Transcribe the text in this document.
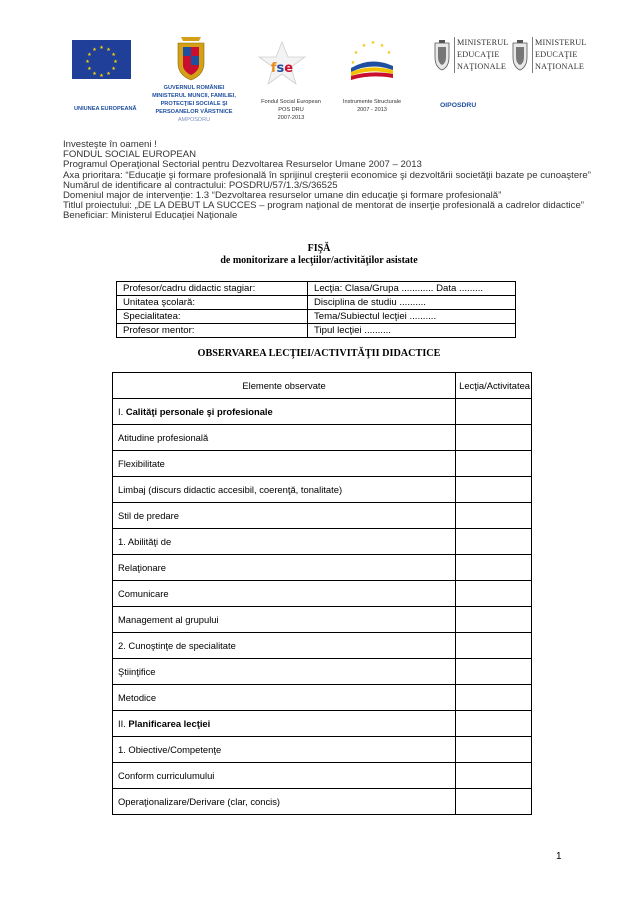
★ ★
★
★
★
★
★
★
★
★
★
★
fse	★
★
★ ★ ★
★
MINISTERUL
EDUCAŢIE
NAŢIONALE
MINISTERUL
EDUCAŢIE
NAŢIONALE
UNIUNEA EUROPEANĂ
GUVERNUL ROMÂNIEI
MINISTERUL MUNCII, FAMILIEI,
PROTECŢIEI SOCIALE ŞI
PERSOANELOR VÂRSTNICE
AMPOSDRU
Fondul Social European
POS DRU
2007-2013
Instrumente Structurale
2007 - 2013
OIPOSDRU
Investeşte în oameni !
FONDUL SOCIAL EUROPEAN
Programul Operaţional Sectorial pentru Dezvoltarea Resurselor Umane 2007 – 2013
Axa prioritara: “Educaţie şi formare profesională în sprijinul creşterii economice şi dezvoltării societăţii bazate pe cunoaştere”
Numărul de identificare al contractului: POSDRU/57/1.3/S/36525
Domeniul major de intervenţie: 1.3 “Dezvoltarea resurselor umane din educaţie şi formare profesională”
Titlul proiectului: „DE LA DEBUT LA SUCCES – program naţional de mentorat de inserţie profesională a cadrelor didactice”
Beneficiar: Ministerul Educaţiei Naţionale
FIŞĂ
de monitorizare a lecţiilor/activităţilor asistate
Profesor/cadru didactic stagiar:	Lecţia: Clasa/Grupa ............ Data .........
Unitatea şcolară:	Disciplina de studiu ..........
Specialitatea:	Tema/Subiectul lecţiei ..........
Profesor mentor:	Tipul lecţiei ..........
OBSERVAREA LECŢIEI/ACTIVITĂŢII DIDACTICE
Elemente observate	Lecţia/Activitatea
I. Calităţi personale şi profesionale	
Atitudine profesională	
Flexibilitate	
Limbaj (discurs didactic accesibil, coerenţă, tonalitate)	
Stil de predare	
1. Abilităţi de	
Relaţionare	
Comunicare	
Management al grupului	
2. Cunoştinţe de specialitate	
Ştiinţifice	
Metodice	
II. Planificarea lecţiei	
1. Obiective/Competenţe	
Conform curriculumului	
Operaţionalizare/Derivare (clar, concis)	
1
